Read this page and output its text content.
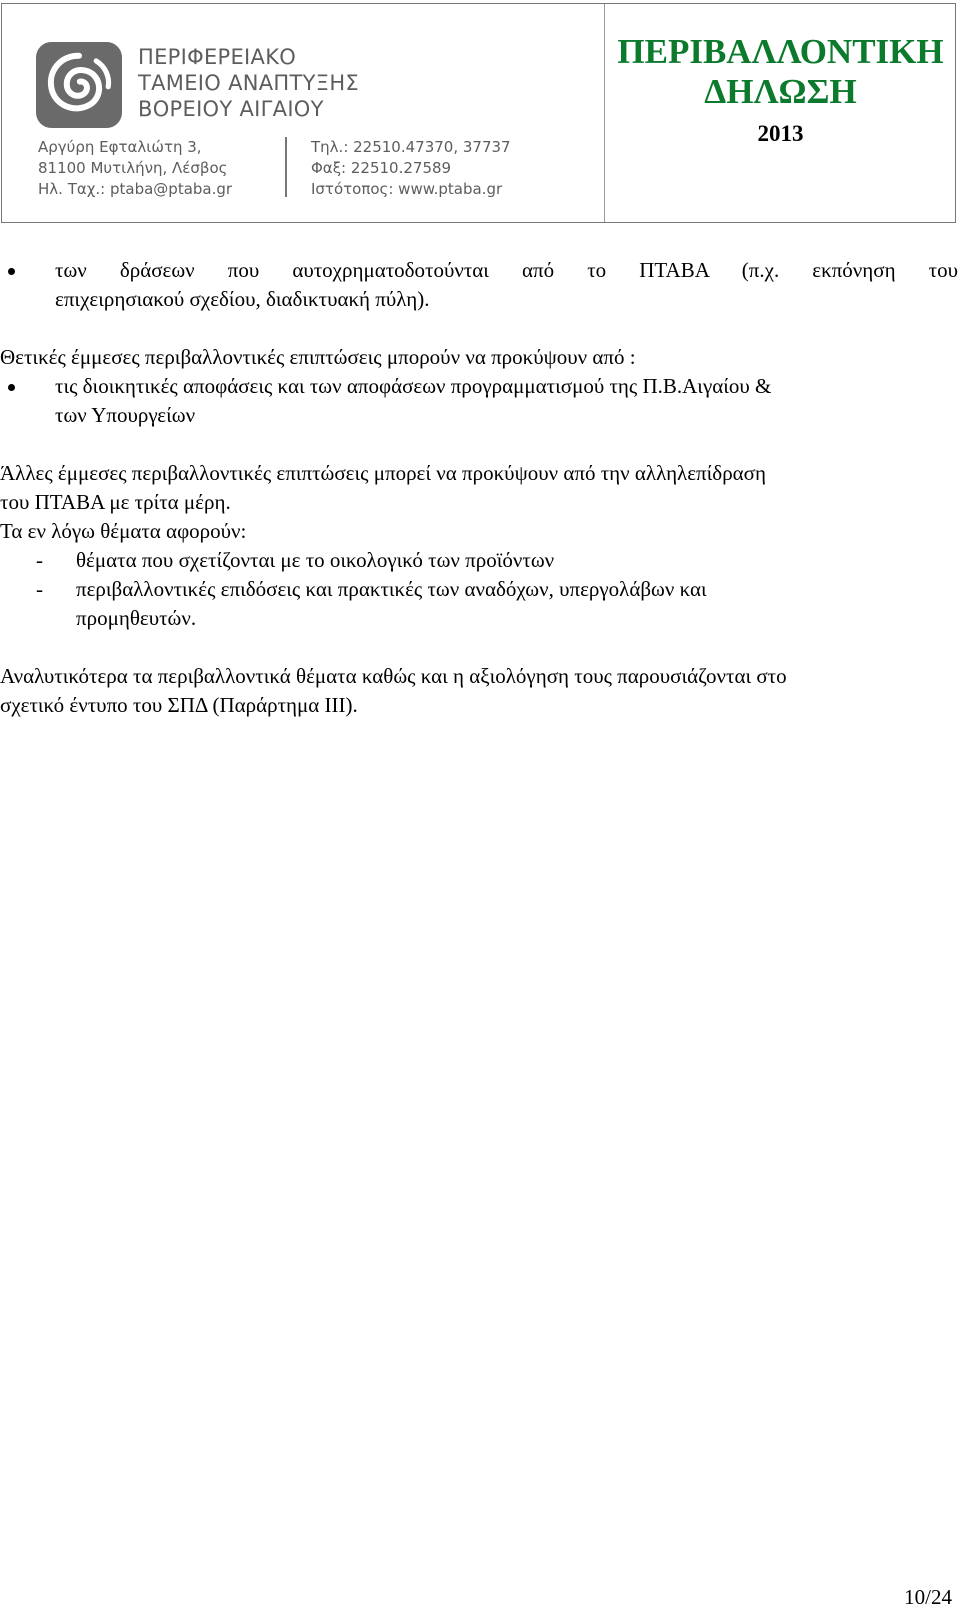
ΠΕΡΙΦΕΡΕΙΑΚΟ
ΤΑΜΕΙΟ ΑΝΑΠΤΥΞΗΣ
ΒΟΡΕΙΟΥ ΑΙΓΑΙΟΥ
Αργύρη Εφταλιώτη 3,
81100 Μυτιλήνη, Λέσβος
Ηλ. Ταχ.: ptaba@ptaba.gr
Τηλ.: 22510.47370, 37737
Φαξ: 22510.27589
Ιστότοπος: www.ptaba.gr
ΠΕΡΙΒΑΛΛΟΝΤΙΚΗ
ΔΗΛΩΣΗ
2013
των δράσεων που αυτοχρηματοδοτούνται από το ΠΤΑΒΑ (π.χ. εκπόνηση του
επιχειρησιακού σχεδίου, διαδικτυακή πύλη).
Θετικές έμμεσες περιβαλλοντικές επιπτώσεις μπορούν να προκύψουν από :
τις διοικητικές αποφάσεις και των αποφάσεων προγραμματισμού της Π.Β.Αιγαίου &
των Υπουργείων
Άλλες έμμεσες περιβαλλοντικές επιπτώσεις μπορεί να προκύψουν από την αλληλεπίδραση
του ΠΤΑΒΑ με τρίτα μέρη.
Τα εν λόγω θέματα αφορούν:
- θέματα που σχετίζονται με το οικολογικό των προϊόντων
- περιβαλλοντικές επιδόσεις και πρακτικές των αναδόχων, υπεργολάβων και
προμηθευτών.
Αναλυτικότερα τα περιβαλλοντικά θέματα καθώς και η αξιολόγηση τους παρουσιάζονται στο
σχετικό έντυπο του ΣΠΔ (Παράρτημα ΙΙΙ).
10/24
